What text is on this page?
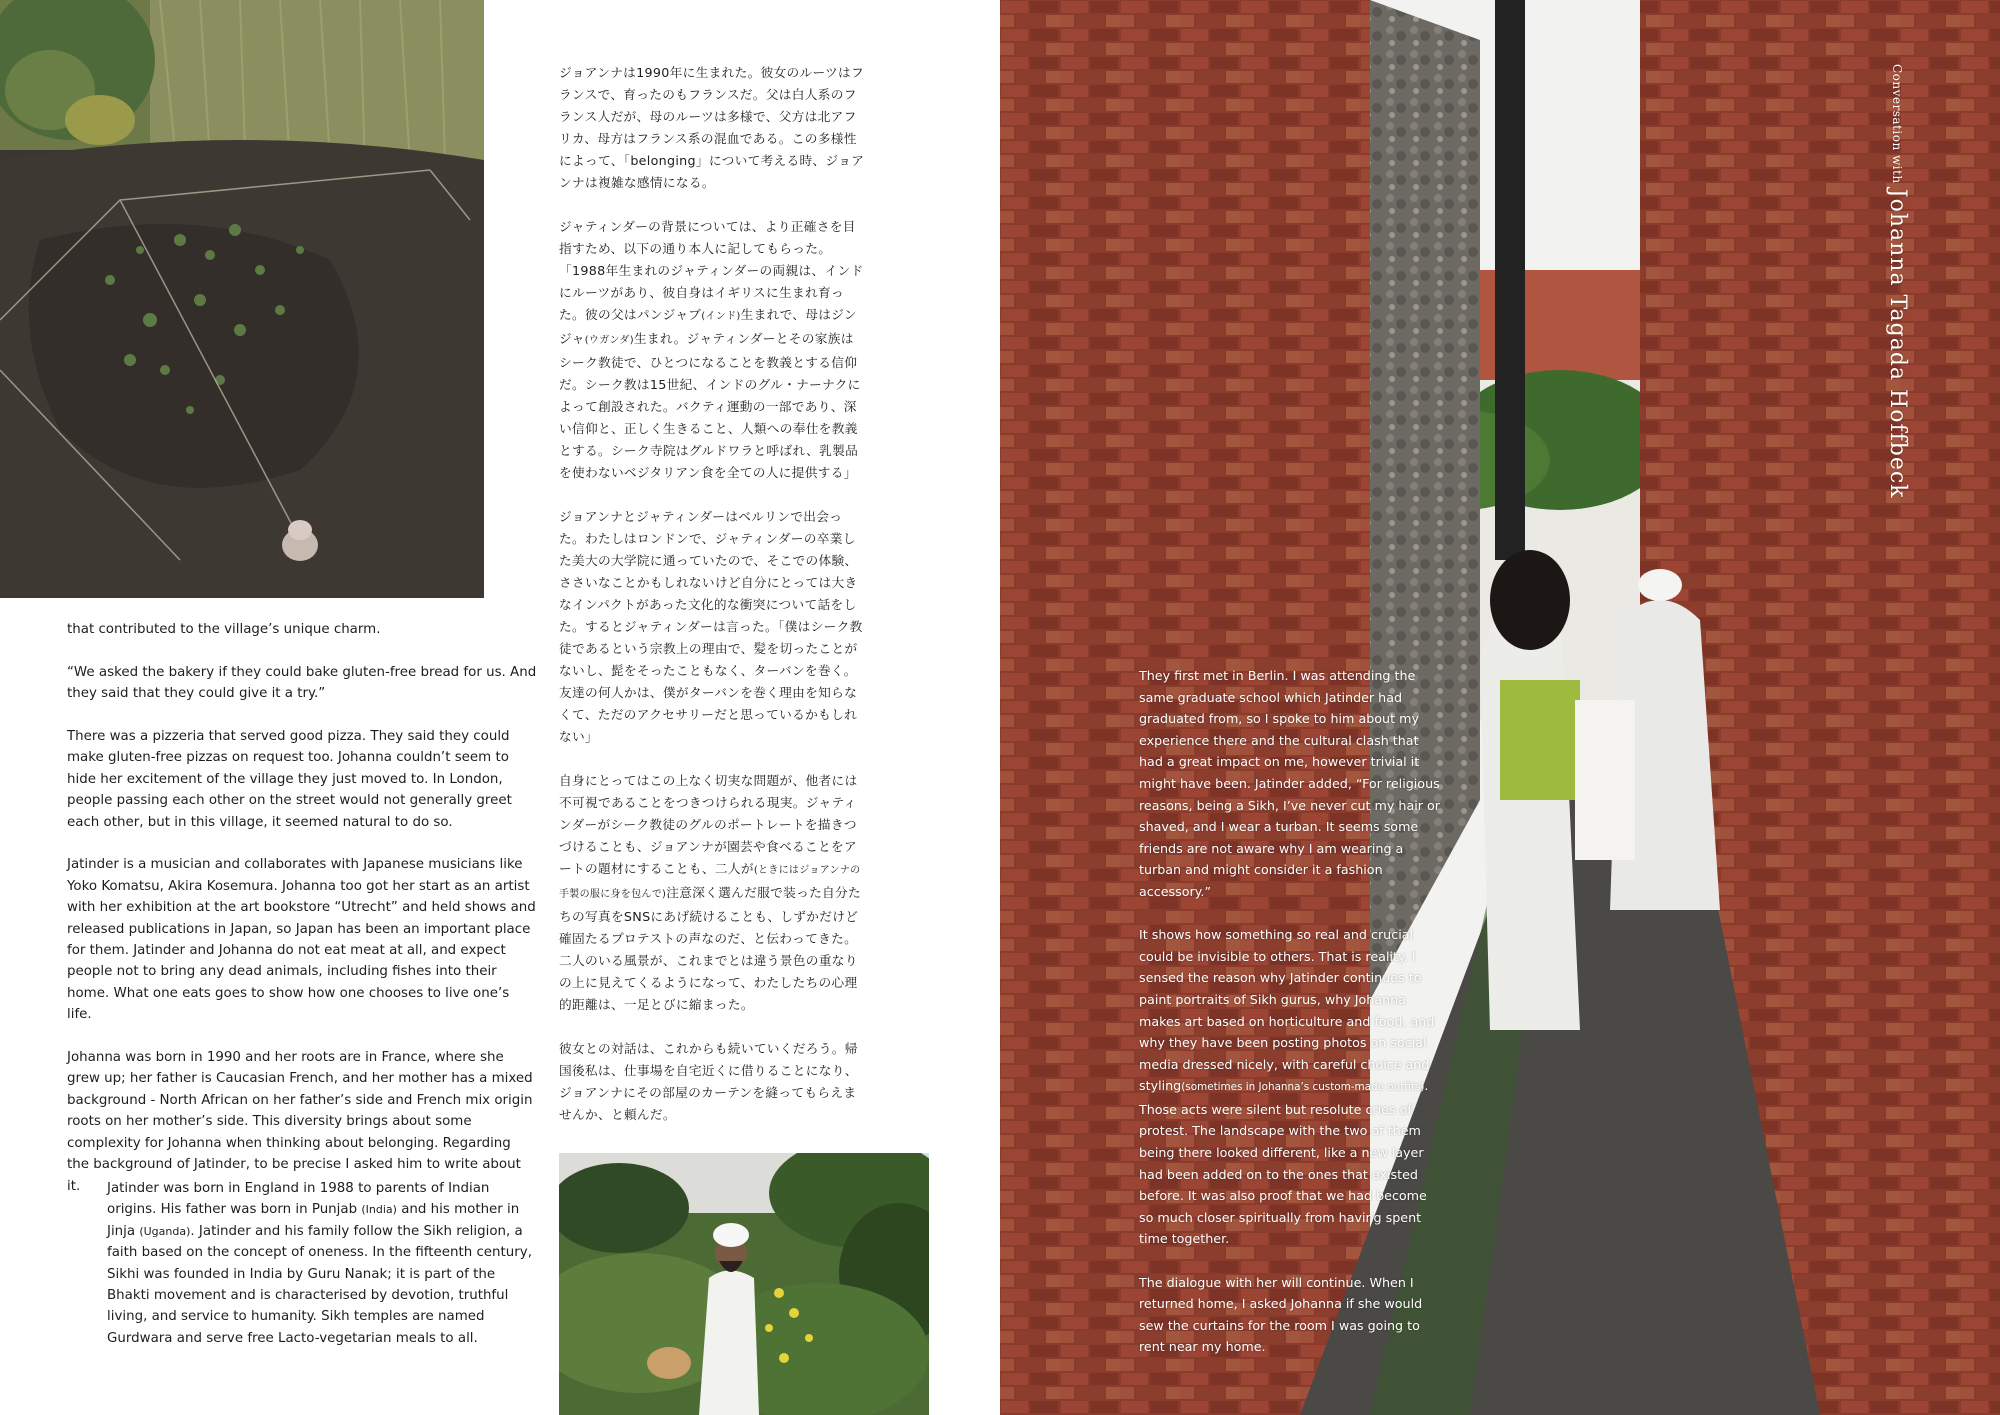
that contributed to the village’s unique charm.

“We asked the bakery if they could bake gluten-free bread for us. And they said that they could give it a try.”

There was a pizzeria that served good pizza. They said they could make gluten-free pizzas on request too. Johanna couldn’t seem to hide her excitement of the village they just moved to. In London, people passing each other on the street would not generally greet each other, but in this village, it seemed natural to do so.

Jatinder is a musician and collaborates with Japanese musicians like Yoko Komatsu, Akira Kosemura. Johanna too got her start as an artist with her exhibition at the art bookstore “Utrecht” and held shows and released publications in Japan, so Japan has been an important place for them. Jatinder and Johanna do not eat meat at all, and expect people not to bring any dead animals, including fishes into their home. What one eats goes to show how one chooses to live one’s life.

Johanna was born in 1990 and her roots are in France, where she grew up; her father is Caucasian French, and her mother has a mixed background - North African on her father’s side and French mix origin roots on her mother’s side. This diversity brings about some complexity for Johanna when thinking about belonging. Regarding the background of Jatinder, to be precise I asked him to write about it.	Jatinder was born in England in 1988 to parents of Indian origins. His father was born in Punjab (India) and his mother in Jinja (Uganda). Jatinder and his family follow the Sikh religion, a faith based on the concept of oneness. In the fifteenth century, Sikhi was founded in India by Guru Nanak; it is part of the Bhakti movement and is characterised by devotion, truthful living, and service to humanity. Sikh temples are named Gurdwara and serve free Lacto-vegetarian meals to all.

ジョアンナは1990年に生まれた。彼女のルーツはフランスで、育ったのもフランスだ。父は白人系のフランス人だが、母のルーツは多様で、父方は北アフリカ、母方はフランス系の混血である。この多様性によって、「belonging」について考える時、ジョアンナは複雑な感情になる。

ジャティンダーの背景については、より正確さを目指すため、以下の通り本人に記してもらった。「1988年生まれのジャティンダーの両親は、インドにルーツがあり、彼自身はイギリスに生まれ育った。彼の父はパンジャブ(インド)生まれで、母はジンジャ(ウガンダ)生まれ。ジャティンダーとその家族はシーク教徒で、ひとつになることを教義とする信仰だ。シーク教は15世紀、インドのグル・ナーナクによって創設された。バクティ運動の一部であり、深い信仰と、正しく生きること、人類への奉仕を教義とする。シーク寺院はグルドワラと呼ばれ、乳製品を使わないベジタリアン食を全ての人に提供する」

ジョアンナとジャティンダーはベルリンで出会った。わたしはロンドンで、ジャティンダーの卒業した美大の大学院に通っていたので、そこでの体験、ささいなことかもしれないけど自分にとっては大きなインパクトがあった文化的な衝突について話をした。するとジャティンダーは言った。「僕はシーク教徒であるという宗教上の理由で、髪を切ったことがないし、髭をそったこともなく、ターバンを巻く。友達の何人かは、僕がターバンを巻く理由を知らなくて、ただのアクセサリーだと思っているかもしれない」

自身にとってはこの上なく切実な問題が、他者には不可視であることをつきつけられる現実。ジャティンダーがシーク教徒のグルのポートレートを描きつづけることも、ジョアンナが園芸や食べることをアートの題材にすることも、二人が(ときにはジョアンナの手製の服に身を包んで)注意深く選んだ服で装った自分たちの写真をSNSにあげ続けることも、しずかだけど確固たるプロテストの声なのだ、と伝わってきた。二人のいる風景が、これまでとは違う景色の重なりの上に見えてくるようになって、わたしたちの心理的距離は、一足とびに縮まった。

彼女との対話は、これからも続いていくだろう。帰国後私は、仕事場を自宅近くに借りることになり、ジョアンナにその部屋のカーテンを縫ってもらえませんか、と頼んだ。

They first met in Berlin. I was attending the same graduate school which Jatinder had graduated from, so I spoke to him about my experience there and the cultural clash that had a great impact on me, however trivial it might have been. Jatinder added, “For religious reasons, being a Sikh, I’ve never cut my hair or shaved, and I wear a turban. It seems some friends are not aware why I am wearing a turban and might consider it a fashion accessory.”

It shows how something so real and crucial could be invisible to others. That is reality. I sensed the reason why Jatinder continues to paint portraits of Sikh gurus, why Johanna makes art based on horticulture and food, and why they have been posting photos on social media dressed nicely, with careful choice and styling(sometimes in Johanna’s custom-made outfits). Those acts were silent but resolute cries of protest. The landscape with the two of them being there looked different, like a new layer had been added on to the ones that existed before. It was also proof that we had become so much closer spiritually from having spent time together.

The dialogue with her will continue. When I returned home, I asked Johanna if she would sew the curtains for the room I was going to rent near my home.

Conversation with Johanna Tagada Hoffbeck
